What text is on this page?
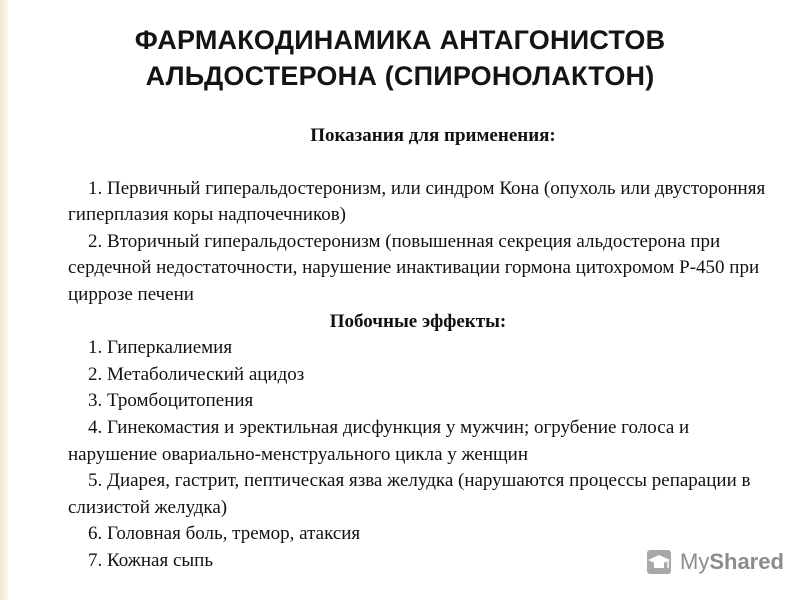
ФАРМАКОДИНАМИКА АНТАГОНИСТОВ
АЛЬДОСТЕРОНА (СПИРОНОЛАКТОН)

Показания для применения:

1. Первичный гиперальдостеронизм, или синдром Кона (опухоль или двусторонняя гиперплазия коры надпочечников)

2. Вторичный гиперальдостеронизм (повышенная секреция альдостерона при сердечной недостаточности, нарушение инактивации гормона цитохромом Р-450 при циррозе печени

Побочные эффекты:

1. Гиперкалиемия

2. Метаболический ацидоз

3. Тромбоцитопения

4. Гинекомастия и эректильная дисфункция у мужчин; огрубение голоса и нарушение овариально-менструального цикла у женщин

5. Диарея, гастрит, пептическая язва желудка (нарушаются процессы репарации в слизистой желудка)

6. Головная боль, тремор, атаксия

7. Кожная сыпь	My Shared
